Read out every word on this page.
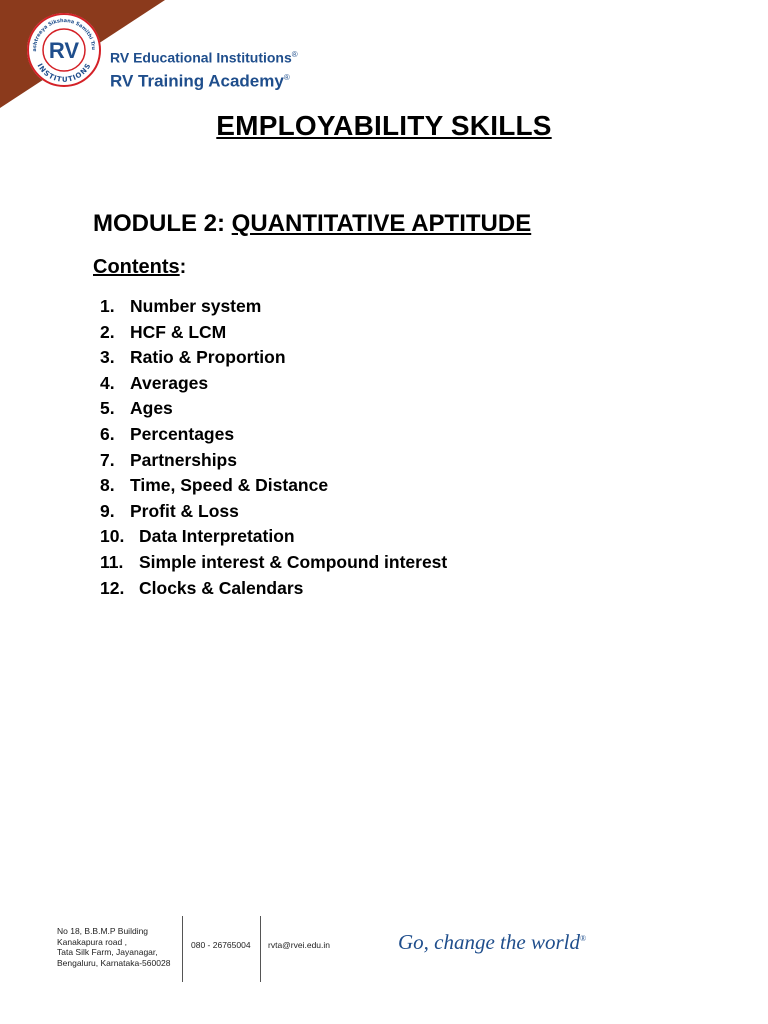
ashtreeya Sikshana Samithi Tru
INSTITUTIONS
RV RV Educational Institutions®
RV Training Academy®
EMPLOYABILITY SKILLS
MODULE 2: QUANTITATIVE APTITUDE
Contents:
1. Number system
2. HCF & LCM
3. Ratio & Proportion
4. Averages
5. Ages
6. Percentages
7. Partnerships
8. Time, Speed & Distance
9. Profit & Loss
10. Data Interpretation
11. Simple interest & Compound interest
12. Clocks & Calendars
No 18, B.B.M.P Building
Kanakapura road ,
Tata Silk Farm, Jayanagar,
Bengaluru, Karnataka-560028
080 - 26765004 rvta@rvei.edu.in	Go, change the world®
